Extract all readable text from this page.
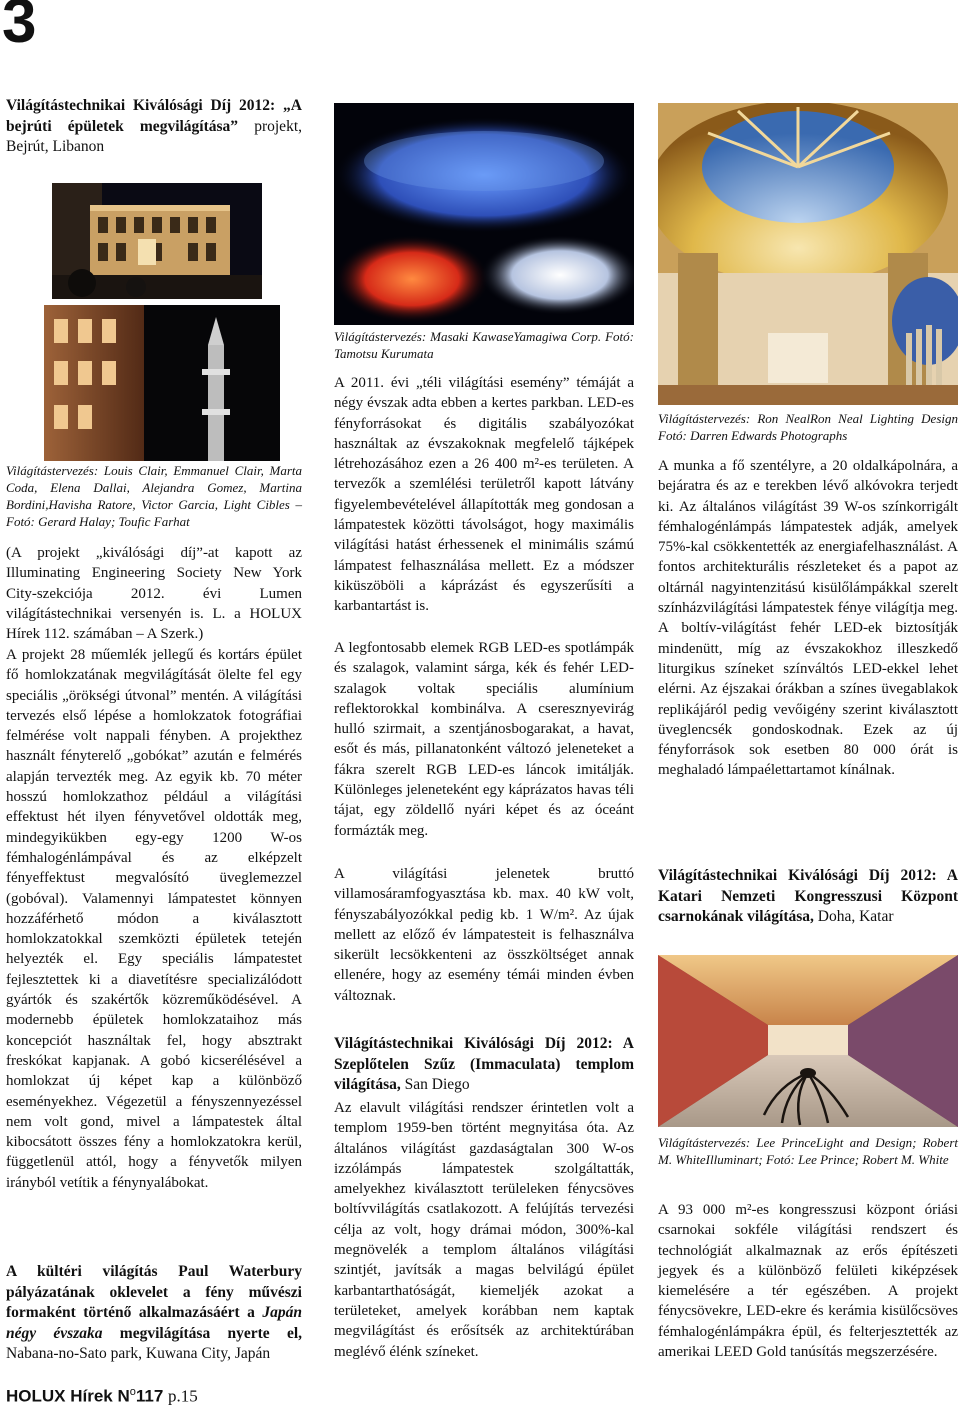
3

Világítástechnikai Kiválósági Díj 2012: „A bejrúti épületek megvilágítása” projekt, Bejrút, Libanon

Világítástervezés: Louis Clair, Emmanuel Clair, Marta Coda, Elena Dallai, Alejandra Gomez, Martina Bordini,Havisha Ratore, Victor Garcia, Light Cibles – Fotó: Gerard Halay; Toufic Farhat

(A projekt „kiválósági díj”-at kapott az Illuminating Engineering Society New York City-szekciója 2012. évi Lumen világítástechnikai versenyén is. L. a HOLUX Hírek 112. számában – A Szerk.)

A projekt 28 műemlék jellegű és kortárs épület fő homlokzatának megvilágítását ölelte fel egy speciális „örökségi útvonal” mentén. A világítási tervezés első lépése a homlokzatok fotográfiai felmérése volt nappali fényben. A projekthez használt fényterelő „gobókat” azután e felmérés alapján tervezték meg. Az egyik kb. 70 méter hosszú homlokzathoz például a világítási effektust hét ilyen fényvetővel oldották meg, mindegyikükben egy-egy 1200 W-os fémhalogénlámpával és az elképzelt fényeffektust megvalósító üveglemezzel (gobóval). Valamennyi lámpatestet könnyen hozzáférhető módon a kiválasztott homlokzatokkal szemközti épületek tetején helyezték el. Egy speciális lámpatestet fejlesztettek ki a diavetítésre specializálódott gyártók és szakértők közreműködésével. A modernebb épületek homlokzataihoz más koncepciót használtak fel, hogy absztrakt freskókat kapjanak. A gobó kicserélésével a homlokzat új képet kap a különböző eseményekhez. Végezetül a fényszennyezéssel nem volt gond, mivel a lámpatestek által kibocsátott összes fény a homlokzatokra kerül, függetlenül attól, hogy a fényvetők milyen irányból vetítik a fénynyalábokat.

A kültéri világítás Paul Waterbury pályázatának oklevelet a fény művészi formaként történő alkalmazásáért a Japán négy évszaka megvilágítása nyerte el, Nabana-no-Sato park, Kuwana City, Japán

Világítástervezés: Masaki KawaseYamagiwa Corp. Fotó: Tamotsu Kurumata

A 2011. évi „téli világítási esemény” témáját a négy évszak adta ebben a kertes parkban. LED-es fényforrásokat és digitális szabályozókat használtak az évszakoknak megfelelő tájképek létrehozásához ezen a 26 400 m²-es területen. A tervezők a szemlélési területről kapott látvány figyelembevételével állapították meg gondosan a lámpatestek közötti távolságot, hogy maximális világítási hatást érhessenek el minimális számú lámpatest felhasználása mellett. Ez a módszer kiküszöböli a káprázást és egyszerűsíti a karbantartást is.

A legfontosabb elemek RGB LED-es spotlámpák és szalagok, valamint sárga, kék és fehér LED-szalagok voltak speciális alumínium reflektorokkal kombinálva. A cseresznyevirág hulló szirmait, a szentjánosbogarakat, a havat, esőt és más, pillanatonként változó jeleneteket a fákra szerelt RGB LED-es láncok imitálják. Különleges jeleneteként egy káprázatos havas téli tájat, egy zöldellő nyári képet és az óceánt formázták meg.

A világítási jelenetek bruttó villamosáramfogyasztása kb. max. 40 kW volt, fényszabályozókkal pedig kb. 1 W/m². Az újak mellett az előző év lámpatesteit is felhasználva sikerült lecsökkenteni az összköltséget annak ellenére, hogy az esemény témái minden évben változnak.

Világítástechnikai Kiválósági Díj 2012: A Szeplőtelen Szűz (Immaculata) templom világítása, San Diego

Az elavult világítási rendszer érintetlen volt a templom 1959-ben történt megnyitása óta. Az általános világítást gazdaságtalan 300 W-os izzólámpás lámpatestek szolgáltatták, amelyekhez kiválasztott terüleleken fénycsöves boltívvilágítás csatlakozott. A felújítás tervezési célja az volt, hogy drámai módon, 300%-kal megnövelék a templom általános világítási szintjét, javítsák a magas belvilágú épület karbantarthatóságát, kiemeljék azokat a területeket, amelyek korábban nem kaptak megvilágítást és erősítsék az architektúrában meglévő élénk színeket.

Világítástervezés: Ron NealRon Neal Lighting Design Fotó: Darren Edwards Photographs

A munka a fő szentélyre, a 20 oldalkápolnára, a bejáratra és az e terekben lévő alkóvokra terjedt ki. Az általános világítást 39 W-os színkorrigált fémhalogénlámpás lámpatestek adják, amelyek 75%-kal csökkentették az energiafelhasználást. A fontos architekturális részleteket és a papot az oltárnál nagyintenzitású kisülőlámpákkal szerelt színházvilágítási lámpatestek fénye világítja meg. A boltív-világítást fehér LED-ek biztosítják mindenütt, míg az évszakokhoz illeszkedő liturgikus színeket színváltós LED-ekkel lehet elérni. Az éjszakai órákban a színes üvegablakok replikájáról pedig vevőigény szerint kiválasztott üveglencsék gondoskodnak. Ezek az új fényforrások sok esetben 80 000 órát is meghaladó lámpaélettartamot kínálnak.

Világítástechnikai Kiválósági Díj 2012: A Katari Nemzeti Kongresszusi Központ csarnokának világítása, Doha, Katar

Világítástervezés: Lee PrinceLight and Design; Robert M. WhiteIlluminart; Fotó: Lee Prince; Robert M. White

A 93 000 m²-es kongresszusi központ óriási csarnokai sokféle világítási rendszert és technológiát alkalmaznak az erős építészeti jegyek és a különböző felületi kiképzések kiemelésére a tér egészében. A projekt fénycsövekre, LED-ekre és kerámia kisülőcsöves fémhalogénlámpákra épül, és felterjesztették az amerikai LEED Gold tanúsítás megszerzésére.

HOLUX Hírek $N^o117$ p.15
